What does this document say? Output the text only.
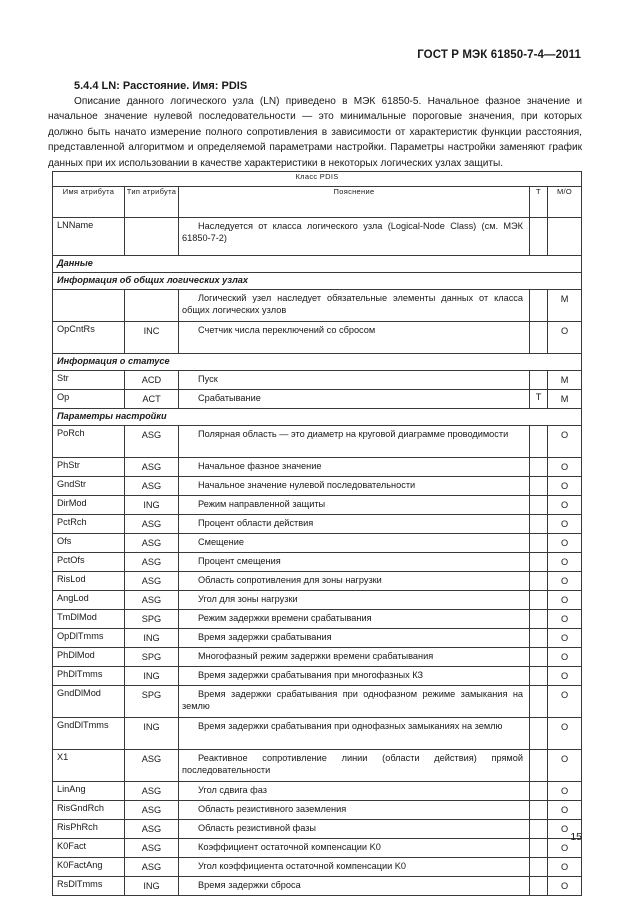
ГОСТ Р МЭК 61850-7-4—2011
5.4.4 LN: Расстояние. Имя: PDIS
Описание данного логического узла (LN) приведено в МЭК 61850-5. Начальное фазное значение и начальное значение нулевой последовательности — это минимальные пороговые значения, при которых должно быть начато измерение полного сопротивления в зависимости от характеристик функции расстояния, представленной алгоритмом и определяемой параметрами настройки. Параметры настройки заменяют график данных при их использовании в качестве характеристики в некоторых логических узлах защиты.
Класс PDIS				
Имя атрибута	Тип атрибута	Пояснение	T	M/O
LNName		Наследуется от класса логического узла (Logical-Node Class) (см. МЭК 61850-7-2)		
Данные				
Информация об общих логических узлах				
		Логический узел наследует обязательные элементы данных от класса общих логических узлов		M
OpCntRs	INC	Счетчик числа переключений со сбросом		O
Информация о статусе				
Str	ACD	Пуск		M
Op	ACT	Срабатывание	T	M
Параметры настройки				
PoRch	ASG	Полярная область — это диаметр на круговой диаграмме проводимости		O
PhStr	ASG	Начальное фазное значение		O
GndStr	ASG	Начальное значение нулевой последовательности		O
DirMod	ING	Режим направленной защиты		O
PctRch	ASG	Процент области действия		O
Ofs	ASG	Смещение		O
PctOfs	ASG	Процент смещения		O
RisLod	ASG	Область сопротивления для зоны нагрузки		O
AngLod	ASG	Угол для зоны нагрузки		O
TmDlMod	SPG	Режим задержки времени срабатывания		O
OpDlTmms	ING	Время задержки срабатывания		O
PhDlMod	SPG	Многофазный режим задержки времени срабатывания		O
PhDlTmms	ING	Время задержки срабатывания при многофазных КЗ		O
GndDlMod	SPG	Время задержки срабатывания при однофазном режиме замыкания на землю		O
GndDlTmms	ING	Время задержки срабатывания при однофазных замыканиях на землю		O
X1	ASG	Реактивное сопротивление линии (области действия) прямой последовательности		O
LinAng	ASG	Угол сдвига фаз		O
RisGndRch	ASG	Область резистивного заземления		O
RisPhRch	ASG	Область резистивной фазы		O
K0Fact	ASG	Коэффициент остаточной компенсации K0		O
K0FactAng	ASG	Угол коэффициента остаточной компенсации K0		O
RsDlTmms	ING	Время задержки сброса		O
15
